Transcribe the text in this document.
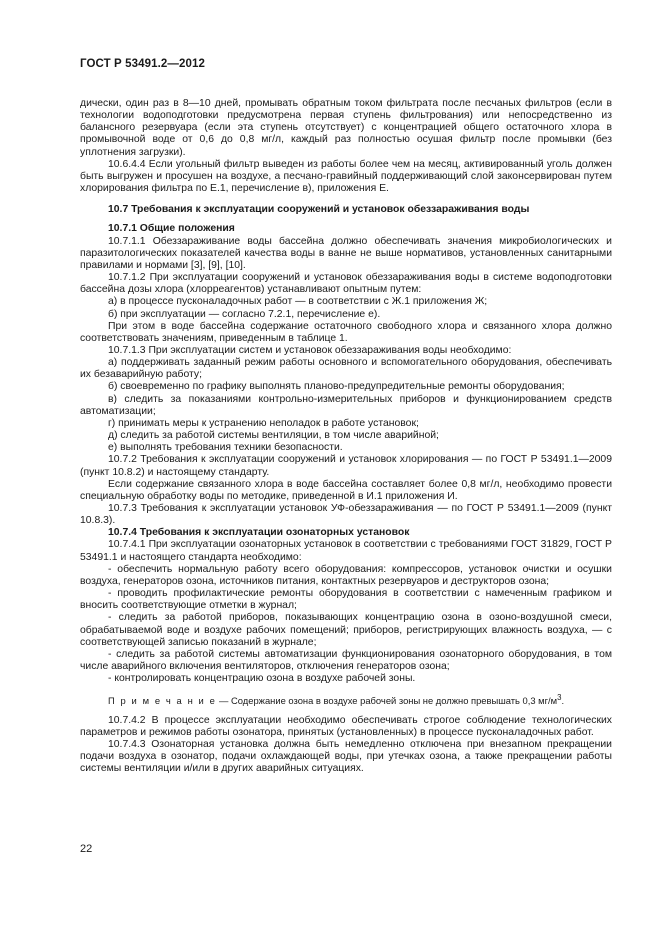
ГОСТ Р 53491.2—2012

дически, один раз в 8—10 дней, промывать обратным током фильтрата после песчаных фильтров (если в технологии водоподготовки предусмотрена первая ступень фильтрования) или непосредственно из балансного резервуара (если эта ступень отсутствует) с концентрацией общего остаточного хлора в промывочной воде от 0,6 до 0,8 мг/л, каждый раз полностью осушая фильтр после промывки (без уплотнения загрузки).

10.6.4.4 Если угольный фильтр выведен из работы более чем на месяц, активированный уголь должен быть выгружен и просушен на воздухе, а песчано-гравийный поддерживающий слой законсервирован путем хлорирования фильтра по Е.1, перечисление в), приложения Е.

10.7 Требования к эксплуатации сооружений и установок обеззараживания воды

10.7.1 Общие положения

10.7.1.1 Обеззараживание воды бассейна должно обеспечивать значения микробиологических и паразитологических показателей качества воды в ванне не выше нормативов, установленных санитарными правилами и нормами [3], [9], [10].

10.7.1.2 При эксплуатации сооружений и установок обеззараживания воды в системе водоподготовки бассейна дозы хлора (хлорреагентов) устанавливают опытным путем:

а) в процессе пусконаладочных работ — в соответствии с Ж.1 приложения Ж;

б) при эксплуатации — согласно 7.2.1, перечисление е).

При этом в воде бассейна содержание остаточного свободного хлора и связанного хлора должно соответствовать значениям, приведенным в таблице 1.

10.7.1.3 При эксплуатации систем и установок обеззараживания воды необходимо:

а) поддерживать заданный режим работы основного и вспомогательного оборудования, обеспечивать их безаварийную работу;

б) своевременно по графику выполнять планово-предупредительные ремонты оборудования;

в) следить за показаниями контрольно-измерительных приборов и функционированием средств автоматизации;

г) принимать меры к устранению неполадок в работе установок;

д) следить за работой системы вентиляции, в том числе аварийной;

е) выполнять требования техники безопасности.

10.7.2 Требования к эксплуатации сооружений и установок хлорирования — по ГОСТ Р 53491.1—2009 (пункт 10.8.2) и настоящему стандарту.

Если содержание связанного хлора в воде бассейна составляет более 0,8 мг/л, необходимо провести специальную обработку воды по методике, приведенной в И.1 приложения И.

10.7.3 Требования к эксплуатации установок УФ-обеззараживания — по ГОСТ Р 53491.1—2009 (пункт 10.8.3).

10.7.4 Требования к эксплуатации озонаторных установок

10.7.4.1 При эксплуатации озонаторных установок в соответствии с требованиями ГОСТ 31829, ГОСТ Р 53491.1 и настоящего стандарта необходимо:

- обеспечить нормальную работу всего оборудования: компрессоров, установок очистки и осушки воздуха, генераторов озона, источников питания, контактных резервуаров и деструкторов озона;

- проводить профилактические ремонты оборудования в соответствии с намеченным графиком и вносить соответствующие отметки в журнал;

- следить за работой приборов, показывающих концентрацию озона в озоно-воздушной смеси, обрабатываемой воде и воздухе рабочих помещений; приборов, регистрирующих влажность воздуха, — с соответствующей записью показаний в журнале;

- следить за работой системы автоматизации функционирования озонаторного оборудования, в том числе аварийного включения вентиляторов, отключения генераторов озона;

- контролировать концентрацию озона в воздухе рабочей зоны.

П р и м е ч а н и е — Содержание озона в воздухе рабочей зоны не должно превышать 0,3 $мг/м^3$.

10.7.4.2 В процессе эксплуатации необходимо обеспечивать строгое соблюдение технологических параметров и режимов работы озонатора, принятых (установленных) в процессе пусконаладочных работ.

10.7.4.3 Озонаторная установка должна быть немедленно отключена при внезапном прекращении подачи воздуха в озонатор, подачи охлаждающей воды, при утечках озона, а также прекращении работы системы вентиляции и/или в других аварийных ситуациях.

22
